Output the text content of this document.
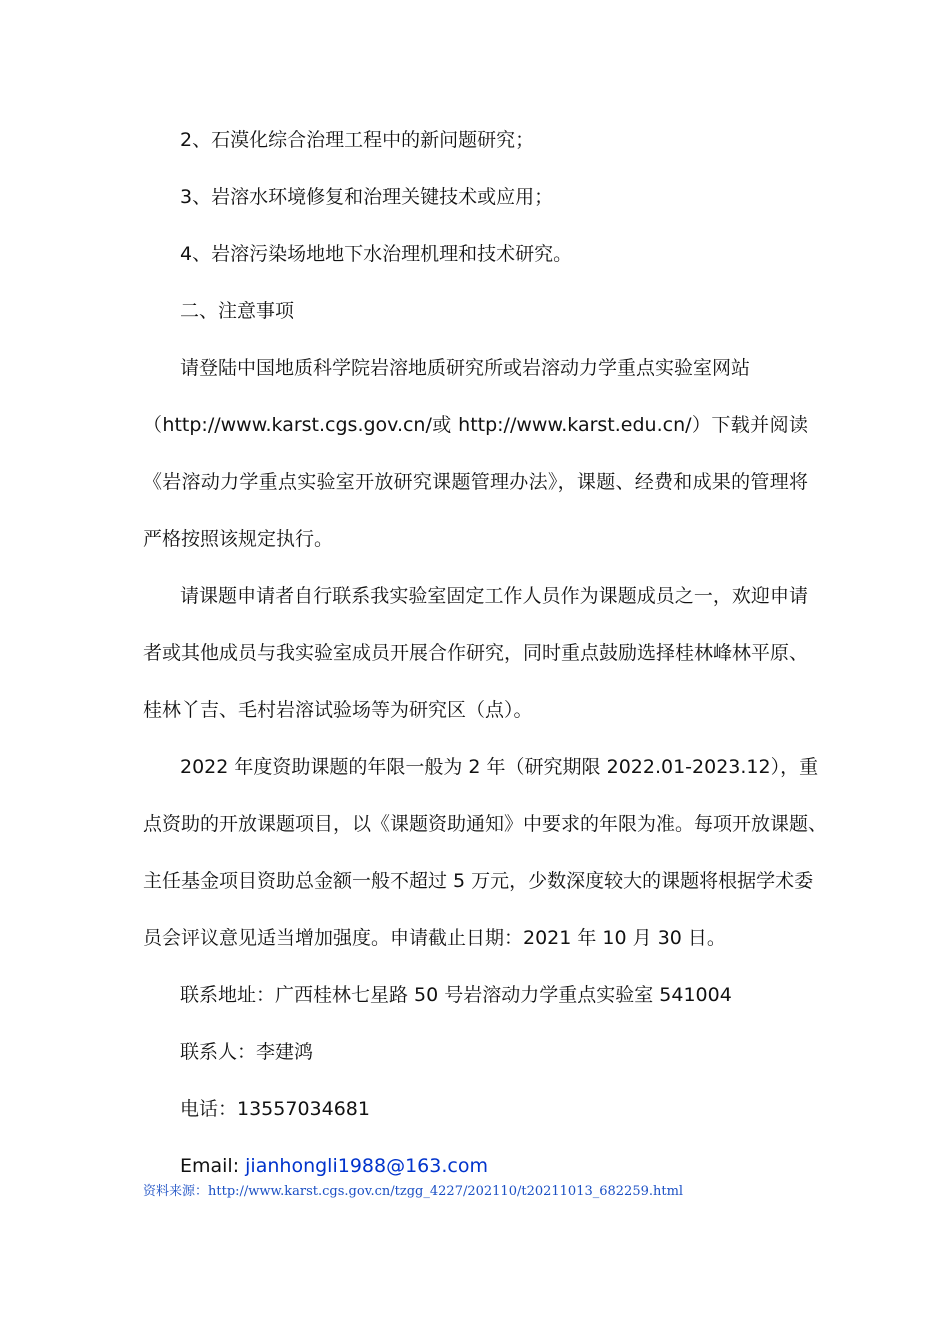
2、石漠化综合治理工程中的新问题研究；
3、岩溶水环境修复和治理关键技术或应用；
4、岩溶污染场地地下水治理机理和技术研究。
二、注意事项
请登陆中国地质科学院岩溶地质研究所或岩溶动力学重点实验室网站
（http://www.karst.cgs.gov.cn/或 http://www.karst.edu.cn/）下载并阅读
《岩溶动力学重点实验室开放研究课题管理办法》，课题、经费和成果的管理将
严格按照该规定执行。
请课题申请者自行联系我实验室固定工作人员作为课题成员之一，欢迎申请
者或其他成员与我实验室成员开展合作研究，同时重点鼓励选择桂林峰林平原、
桂林丫吉、毛村岩溶试验场等为研究区（点）。
2022 年度资助课题的年限一般为 2 年（研究期限 2022.01-2023.12），重
点资助的开放课题项目，以《课题资助通知》中要求的年限为准。每项开放课题、
主任基金项目资助总金额一般不超过 5 万元，少数深度较大的课题将根据学术委
员会评议意见适当增加强度。申请截止日期：2021 年 10 月 30 日。
联系地址：广西桂林七星路 50 号岩溶动力学重点实验室 541004
联系人：李建鸿
电话：13557034681
Email: jianhongli1988@163.com
资料来源：http://www.karst.cgs.gov.cn/tzgg_4227/202110/t20211013_682259.html
